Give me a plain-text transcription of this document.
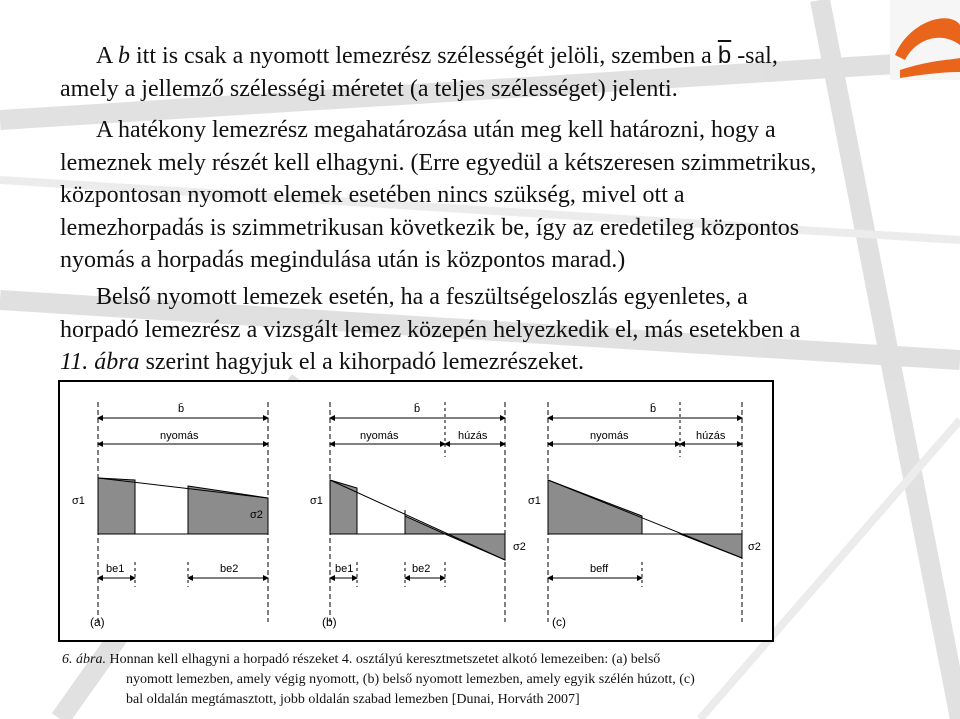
A b itt is csak a nyomott lemezrész szélességét jelöli, szemben a $\overline{b}$ -sal,
amely a jellemző szélességi méretet (a teljes szélességet) jelenti.
A hatékony lemezrész megahatározása után meg kell határozni, hogy a
lemeznek mely részét kell elhagyni. (Erre egyedül a kétszeresen szimmetrikus,
központosan nyomott elemek esetében nincs szükség, mivel ott a
lemezhorpadás is szimmetrikusan következik be, így az eredetileg központos
nyomás a horpadás megindulása után is központos marad.)
Belső nyomott lemezek esetén, ha a feszültségeloszlás egyenletes, a
horpadó lemezrész a vizsgált lemez közepén helyezkedik el, más esetekben a
11. ábra szerint hagyjuk el a kihorpadó lemezrészeket.
b̄
nyomás
σ1
σ2
be1	be2
(a)
b̄
nyomás	húzás
σ1
σ2
be1	be2
(b)
b̄
nyomás	húzás
σ1
σ2
beff
(c)
6. ábra. Honnan kell elhagyni a horpadó részeket 4. osztályú keresztmetszetet alkotó lemezeiben: (a) belső
nyomott lemezben, amely végig nyomott, (b) belső nyomott lemezben, amely egyik szélén húzott, (c)
bal oldalán megtámasztott, jobb oldalán szabad lemezben [Dunai, Horváth 2007]
